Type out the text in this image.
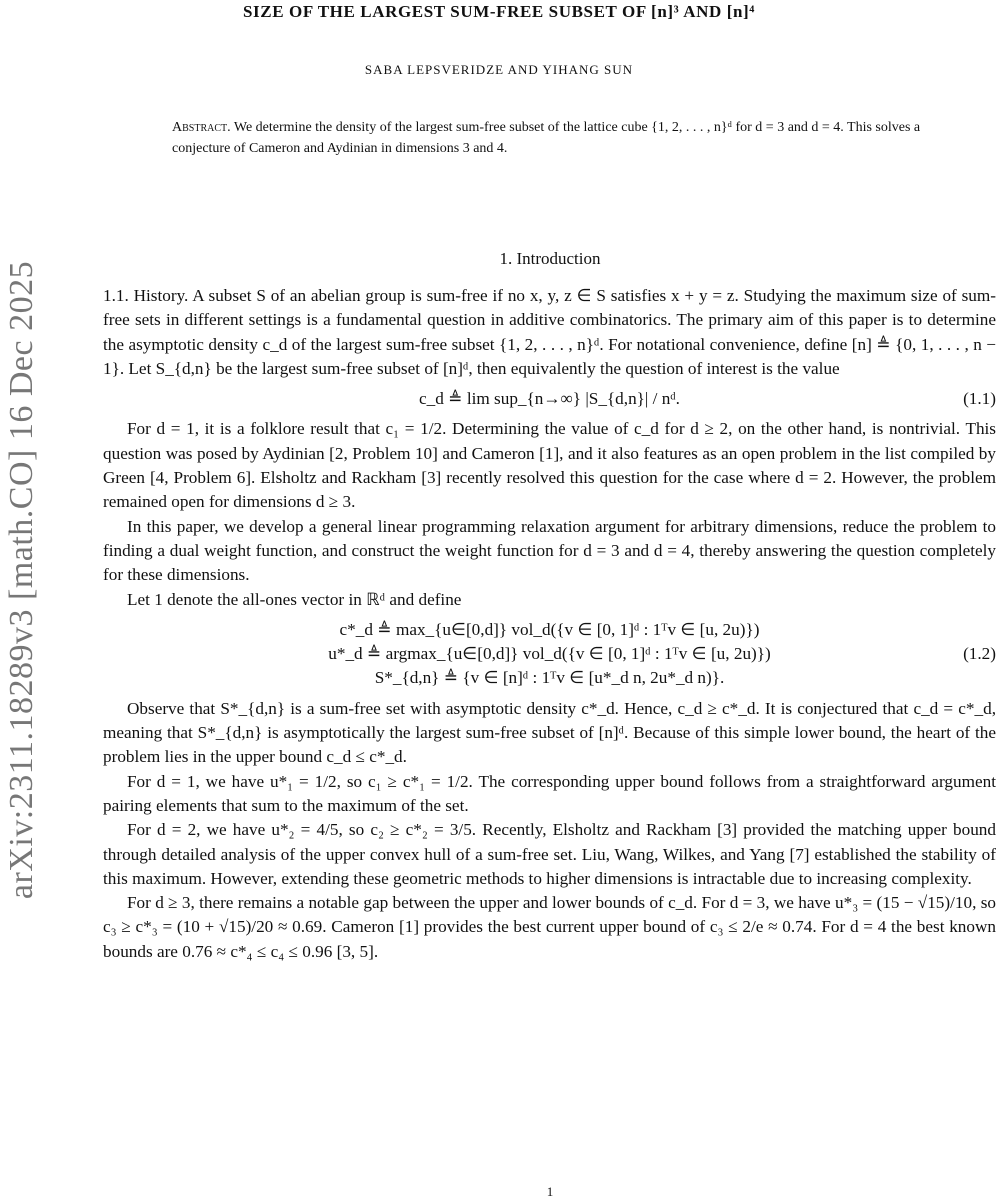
arXiv:2311.18289v3 [math.CO] 16 Dec 2025
SIZE OF THE LARGEST SUM-FREE SUBSET OF [n]³ AND [n]⁴
SABA LEPSVERIDZE AND YIHANG SUN
Abstract. We determine the density of the largest sum-free subset of the lattice cube {1, 2, . . . , n}ᵈ for d = 3 and d = 4. This solves a conjecture of Cameron and Aydinian in dimensions 3 and 4.
1. Introduction

1.1. History. A subset S of an abelian group is sum-free if no x, y, z ∈ S satisfies x + y = z. Studying the maximum size of sum-free sets in different settings is a fundamental question in additive combinatorics. The primary aim of this paper is to determine the asymptotic density c_d of the largest sum-free subset {1, 2, . . . , n}ᵈ. For notational convenience, define [n] ≜ {0, 1, . . . , n − 1}. Let S_{d,n} be the largest sum-free subset of [n]ᵈ, then equivalently the question of interest is the value

c_d ≜ lim sup_{n→∞} |S_{d,n}| / nᵈ.	(1.1)

For d = 1, it is a folklore result that c₁ = 1/2. Determining the value of c_d for d ≥ 2, on the other hand, is nontrivial. This question was posed by Aydinian [2, Problem 10] and Cameron [1], and it also features as an open problem in the list compiled by Green [4, Problem 6]. Elsholtz and Rackham [3] recently resolved this question for the case where d = 2. However, the problem remained open for dimensions d ≥ 3.

In this paper, we develop a general linear programming relaxation argument for arbitrary dimensions, reduce the problem to finding a dual weight function, and construct the weight function for d = 3 and d = 4, thereby answering the question completely for these dimensions.

Let 1 denote the all-ones vector in ℝᵈ and define

c*_d ≜ max_{u∈[0,d]} vol_d({v ∈ [0, 1]ᵈ : 1ᵀv ∈ [u, 2u)})
u*_d ≜ argmax_{u∈[0,d]} vol_d({v ∈ [0, 1]ᵈ : 1ᵀv ∈ [u, 2u)})
S*_{d,n} ≜ {v ∈ [n]ᵈ : 1ᵀv ∈ [u*_d n, 2u*_d n)}.
(1.2)

Observe that S*_{d,n} is a sum-free set with asymptotic density c*_d. Hence, c_d ≥ c*_d. It is conjectured that c_d = c*_d, meaning that S*_{d,n} is asymptotically the largest sum-free subset of [n]ᵈ. Because of this simple lower bound, the heart of the problem lies in the upper bound c_d ≤ c*_d.

For d = 1, we have u*₁ = 1/2, so c₁ ≥ c*₁ = 1/2. The corresponding upper bound follows from a straightforward argument pairing elements that sum to the maximum of the set.

For d = 2, we have u*₂ = 4/5, so c₂ ≥ c*₂ = 3/5. Recently, Elsholtz and Rackham [3] provided the matching upper bound through detailed analysis of the upper convex hull of a sum-free set. Liu, Wang, Wilkes, and Yang [7] established the stability of this maximum. However, extending these geometric methods to higher dimensions is intractable due to increasing complexity.

For d ≥ 3, there remains a notable gap between the upper and lower bounds of c_d. For d = 3, we have u*₃ = (15 − √15)/10, so c₃ ≥ c*₃ = (10 + √15)/20 ≈ 0.69. Cameron [1] provides the best current upper bound of c₃ ≤ 2/e ≈ 0.74. For d = 4 the best known bounds are 0.76 ≈ c*₄ ≤ c₄ ≤ 0.96 [3, 5].

1
